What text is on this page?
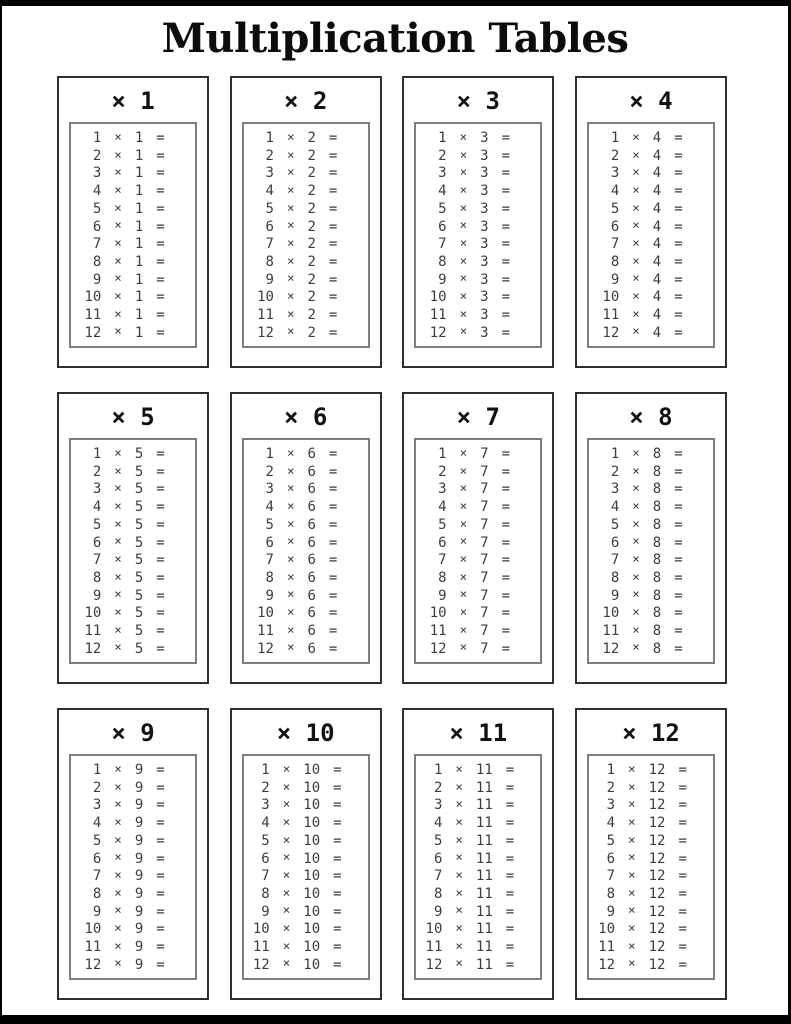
Multiplication Tables
× 1
1 × 1 =
2 × 1 =
3 × 1 =
4 × 1 =
5 × 1 =
6 × 1 =
7 × 1 =
8 × 1 =
9 × 1 =
10 × 1 =
11 × 1 =
12 × 1 =
× 2
1 × 2 =
2 × 2 =
3 × 2 =
4 × 2 =
5 × 2 =
6 × 2 =
7 × 2 =
8 × 2 =
9 × 2 =
10 × 2 =
11 × 2 =
12 × 2 =
× 3
1 × 3 =
2 × 3 =
3 × 3 =
4 × 3 =
5 × 3 =
6 × 3 =
7 × 3 =
8 × 3 =
9 × 3 =
10 × 3 =
11 × 3 =
12 × 3 =
× 4
1 × 4 =
2 × 4 =
3 × 4 =
4 × 4 =
5 × 4 =
6 × 4 =
7 × 4 =
8 × 4 =
9 × 4 =
10 × 4 =
11 × 4 =
12 × 4 =
× 5
1 × 5 =
2 × 5 =
3 × 5 =
4 × 5 =
5 × 5 =
6 × 5 =
7 × 5 =
8 × 5 =
9 × 5 =
10 × 5 =
11 × 5 =
12 × 5 =
× 6
1 × 6 =
2 × 6 =
3 × 6 =
4 × 6 =
5 × 6 =
6 × 6 =
7 × 6 =
8 × 6 =
9 × 6 =
10 × 6 =
11 × 6 =
12 × 6 =
× 7
1 × 7 =
2 × 7 =
3 × 7 =
4 × 7 =
5 × 7 =
6 × 7 =
7 × 7 =
8 × 7 =
9 × 7 =
10 × 7 =
11 × 7 =
12 × 7 =
× 8
1 × 8 =
2 × 8 =
3 × 8 =
4 × 8 =
5 × 8 =
6 × 8 =
7 × 8 =
8 × 8 =
9 × 8 =
10 × 8 =
11 × 8 =
12 × 8 =
× 9
1 × 9 =
2 × 9 =
3 × 9 =
4 × 9 =
5 × 9 =
6 × 9 =
7 × 9 =
8 × 9 =
9 × 9 =
10 × 9 =
11 × 9 =
12 × 9 =
× 10
1 × 10 =
2 × 10 =
3 × 10 =
4 × 10 =
5 × 10 =
6 × 10 =
7 × 10 =
8 × 10 =
9 × 10 =
10 × 10 =
11 × 10 =
12 × 10 =
× 11
1 × 11 =
2 × 11 =
3 × 11 =
4 × 11 =
5 × 11 =
6 × 11 =
7 × 11 =
8 × 11 =
9 × 11 =
10 × 11 =
11 × 11 =
12 × 11 =
× 12
1 × 12 =
2 × 12 =
3 × 12 =
4 × 12 =
5 × 12 =
6 × 12 =
7 × 12 =
8 × 12 =
9 × 12 =
10 × 12 =
11 × 12 =
12 × 12 =
